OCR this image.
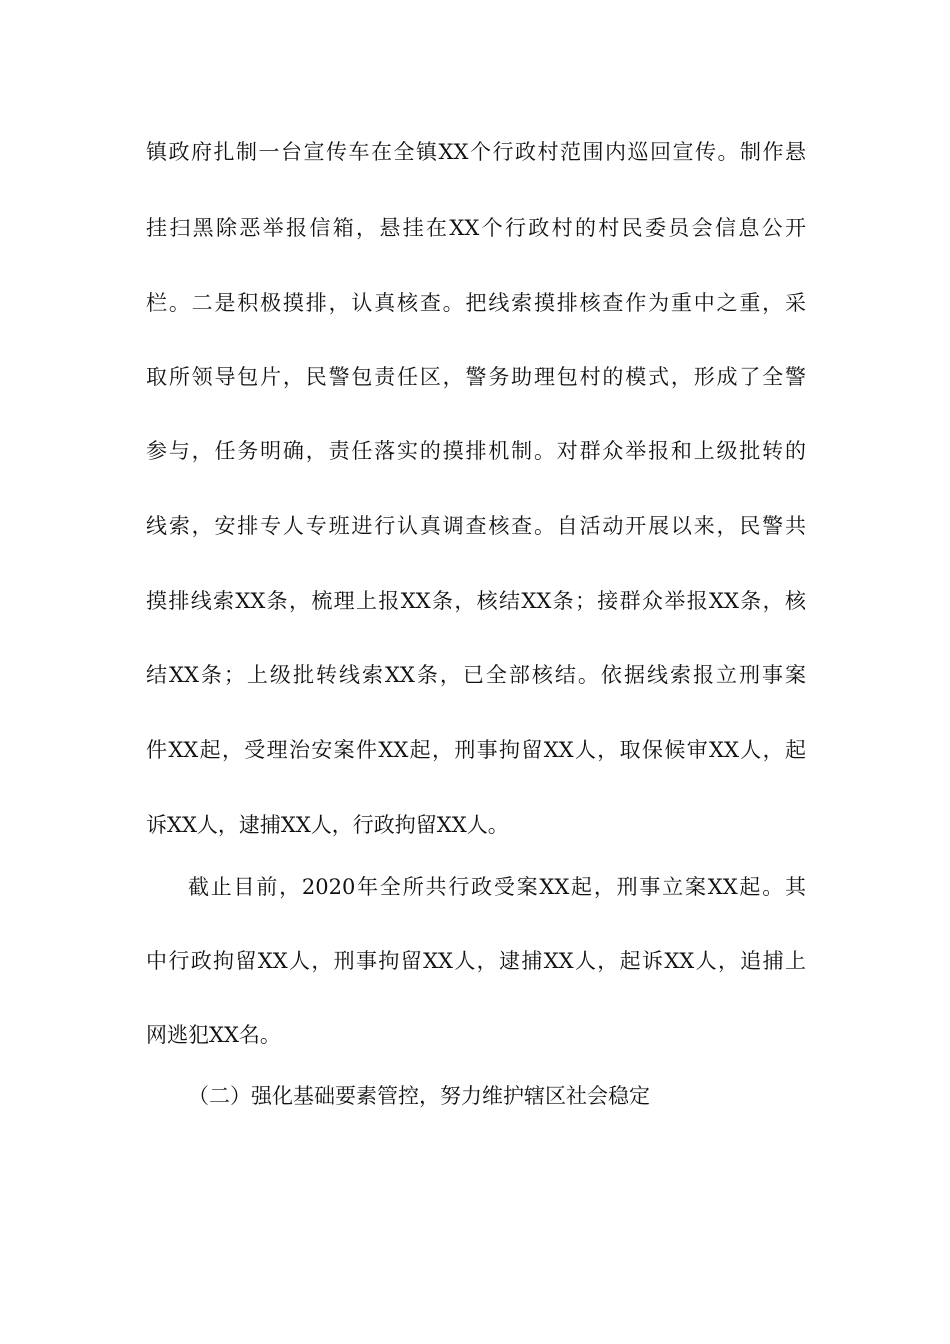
镇政府扎制一台宣传车在全镇XX个行政村范围内巡回宣传。制作悬
挂扫黑除恶举报信箱，悬挂在XX个行政村的村民委员会信息公开
栏。二是积极摸排，认真核查。把线索摸排核查作为重中之重，采
取所领导包片，民警包责任区，警务助理包村的模式，形成了全警
参与，任务明确，责任落实的摸排机制。对群众举报和上级批转的
线索，安排专人专班进行认真调查核查。自活动开展以来，民警共
摸排线索XX条，梳理上报XX条，核结XX条；接群众举报XX条，核
结XX条；上级批转线索XX条，已全部核结。依据线索报立刑事案
件XX起，受理治安案件XX起，刑事拘留XX人，取保候审XX人，起
诉XX人，逮捕XX人，行政拘留XX人。
截止目前，2020年全所共行政受案XX起，刑事立案XX起。其
中行政拘留XX人，刑事拘留XX人，逮捕XX人，起诉XX人，追捕上
网逃犯XX名。
（二）强化基础要素管控，努力维护辖区社会稳定
